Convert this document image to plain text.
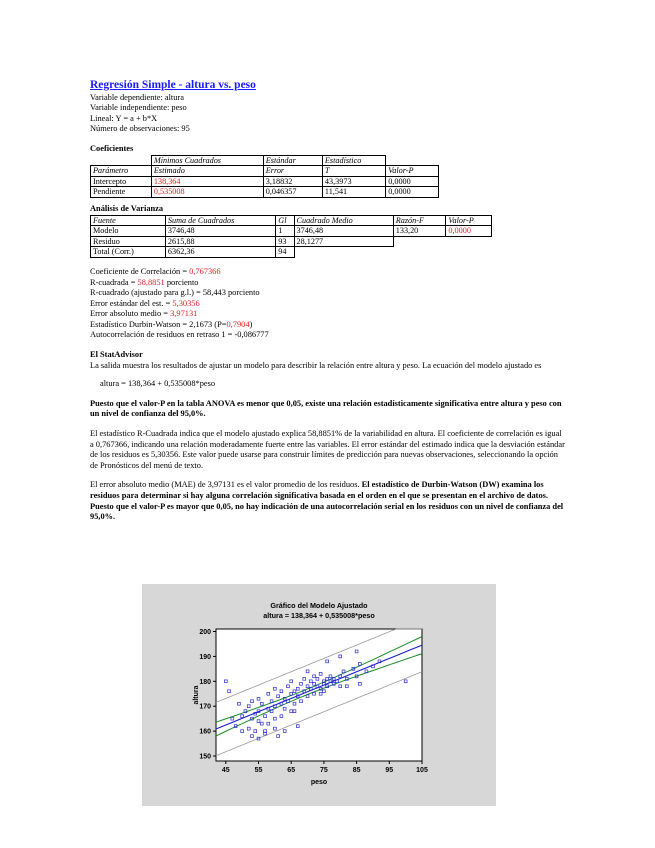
Regresión Simple - altura vs. peso
Variable dependiente: altura
Variable independiente: peso
Lineal: Y = a + b*X
Número de observaciones: 95
Coeficientes
	Mínimos Cuadrados	Estándar	Estadístico	
Parámetro	Estimado	Error	T	Valor-P
Intercepto	138,364	3,18832	43,3973	0,0000
Pendiente	0,535008	0,046357	11,541	0,0000
Análisis de Varianza
Fuente	Suma de Cuadrados	Gl	Cuadrado Medio	Razón-F	Valor-P
Modelo	3746,48	1	3746,48	133,20	0,0000
Residuo	2615,88	93	28,1277		
Total (Corr.)	6362,36	94			
Coeficiente de Correlación = 0,767366
R-cuadrada = 58,8851 porciento
R-cuadrado (ajustado para g.l.) = 58,443 porciento
Error estándar del est. = 5,30356
Error absoluto medio = 3,97131
Estadístico Durbin-Watson = 2,1673 (P=0,7904)
Autocorrelación de residuos en retraso 1 = -0,086777
El StatAdvisor
La salida muestra los resultados de ajustar un modelo para describir la relación entre altura y peso. La ecuación del modelo ajustado es
altura = 138,364 + 0,535008*peso
Puesto que el valor-P en la tabla ANOVA es menor que 0,05, existe una relación estadísticamente significativa entre altura y peso con un nivel de confianza del 95,0%.
El estadístico R-Cuadrada indica que el modelo ajustado explica 58,8851% de la variabilidad en altura. El coeficiente de correlación es igual a 0,767366, indicando una relación moderadamente fuerte entre las variables. El error estándar del estimado indica que la desviación estándar de los residuos es 5,30356. Este valor puede usarse para construir límites de predicción para nuevas observaciones, seleccionando la opción de Pronósticos del menú de texto.
El error absoluto medio (MAE) de 3,97131 es el valor promedio de los residuos. El estadístico de Durbin-Watson (DW) examina los residuos para determinar si hay alguna correlación significativa basada en el orden en el que se presentan en el archivo de datos. Puesto que el valor-P es mayor que 0,05, no hay indicación de una autocorrelación serial en los residuos con un nivel de confianza del 95,0%.
Gráfico del Modelo Ajustado
altura = 138,364 + 0,535008*peso
45	55	65	75	85	95	105
150
160
170
180
190
200
peso
altura
